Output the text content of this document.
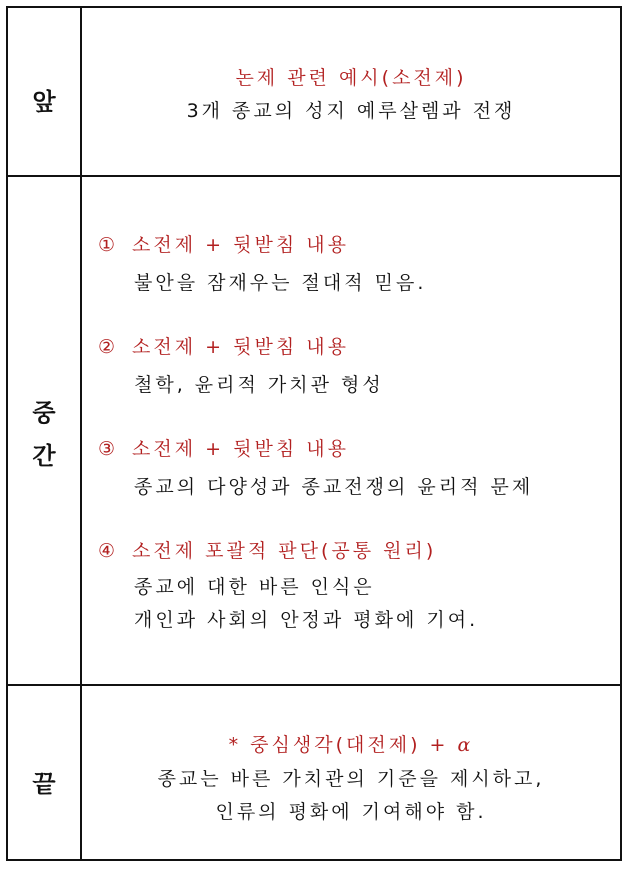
앞
논제 관련 예시(소전제)
3개 종교의 성지 예루살렘과 전쟁
중
간
① 소전제 + 뒷받침 내용
불안을 잠재우는 절대적 믿음.
② 소전제 + 뒷받침 내용
철학, 윤리적 가치관 형성
③ 소전제 + 뒷받침 내용
종교의 다양성과 종교전쟁의 윤리적 문제
④ 소전제 포괄적 판단(공통 원리)
종교에 대한 바른 인식은
개인과 사회의 안정과 평화에 기여.
끝
* 중심생각(대전제) + α
종교는 바른 가치관의 기준을 제시하고,
인류의 평화에 기여해야 함.
